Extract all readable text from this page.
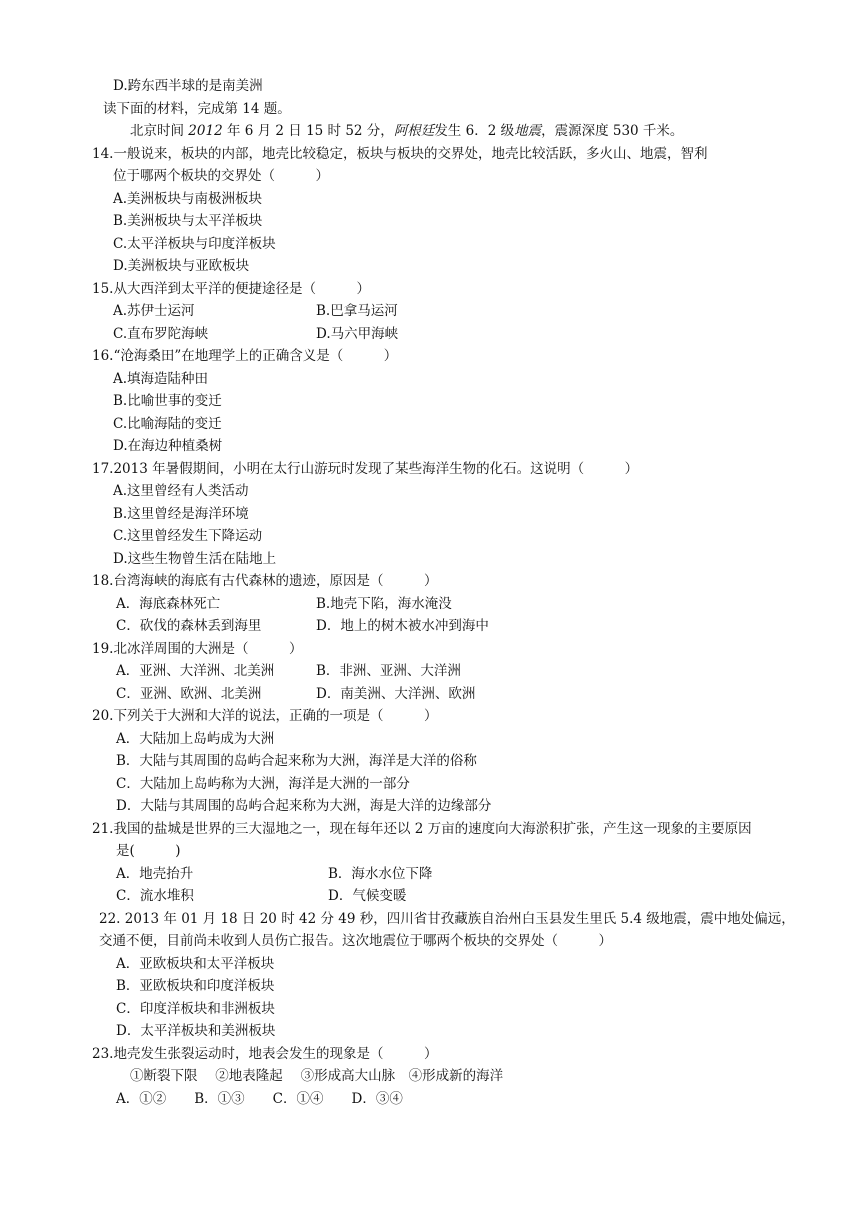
D.跨东西半球的是南美洲
读下面的材料，完成第 14 题。
北京时间 2012 年 6 月 2 日 15 时 52 分，阿根廷发生 6．2 级地震，震源深度 530 千米。
14.一般说来，板块的内部，地壳比较稳定，板块与板块的交界处，地壳比较活跃，多火山、地震，智利
位于哪两个板块的交界处（　　　）
A.美洲板块与南极洲板块
B.美洲板块与太平洋板块
C.太平洋板块与印度洋板块
D.美洲板块与亚欧板块
15.从大西洋到太平洋的便捷途径是（　　　）
A.苏伊士运河	B.巴拿马运河
C.直布罗陀海峡	D.马六甲海峡
16.“沧海桑田”在地理学上的正确含义是（　　　）
A.填海造陆种田
B.比喻世事的变迁
C.比喻海陆的变迁
D.在海边种植桑树
17.2013 年暑假期间，小明在太行山游玩时发现了某些海洋生物的化石。这说明（　　　）
A.这里曾经有人类活动
B.这里曾经是海洋环境
C.这里曾经发生下降运动
D.这些生物曾生活在陆地上
18.台湾海峡的海底有古代森林的遗迹，原因是（　　　）
A．海底森林死亡	B.地壳下陷，海水淹没
C．砍伐的森林丢到海里	D．地上的树木被水冲到海中
19.北冰洋周围的大洲是（　　　）
A．亚洲、大洋洲、北美洲	B．非洲、亚洲、大洋洲
C．亚洲、欧洲、北美洲	D．南美洲、大洋洲、欧洲
20.下列关于大洲和大洋的说法，正确的一项是（　　　）
A．大陆加上岛屿成为大洲
B．大陆与其周围的岛屿合起来称为大洲，海洋是大洋的俗称
C．大陆加上岛屿称为大洲，海洋是大洲的一部分
D．大陆与其周围的岛屿合起来称为大洲，海是大洋的边缘部分
21.我国的盐城是世界的三大湿地之一，现在每年还以 2 万亩的速度向大海淤积扩张，产生这一现象的主要原因
是(　　　)
A．地壳抬升	B．海水水位下降
C．流水堆积	D．气候变暖
22. 2013 年 01 月 18 日 20 时 42 分 49 秒，四川省甘孜藏族自治州白玉县发生里氏 5.4 级地震，震中地处偏远，交通不便，目前尚未收到人员伤亡报告。这次地震位于哪两个板块的交界处（　　　）
A．亚欧板块和太平洋板块
B．亚欧板块和印度洋板块
C．印度洋板块和非洲板块
D．太平洋板块和美洲板块
23.地壳发生张裂运动时，地表会发生的现象是（　　　）
①断裂下限　 ②地表隆起　 ③形成高大山脉　④形成新的海洋
A．①② B．①③ C．①④ D．③④
